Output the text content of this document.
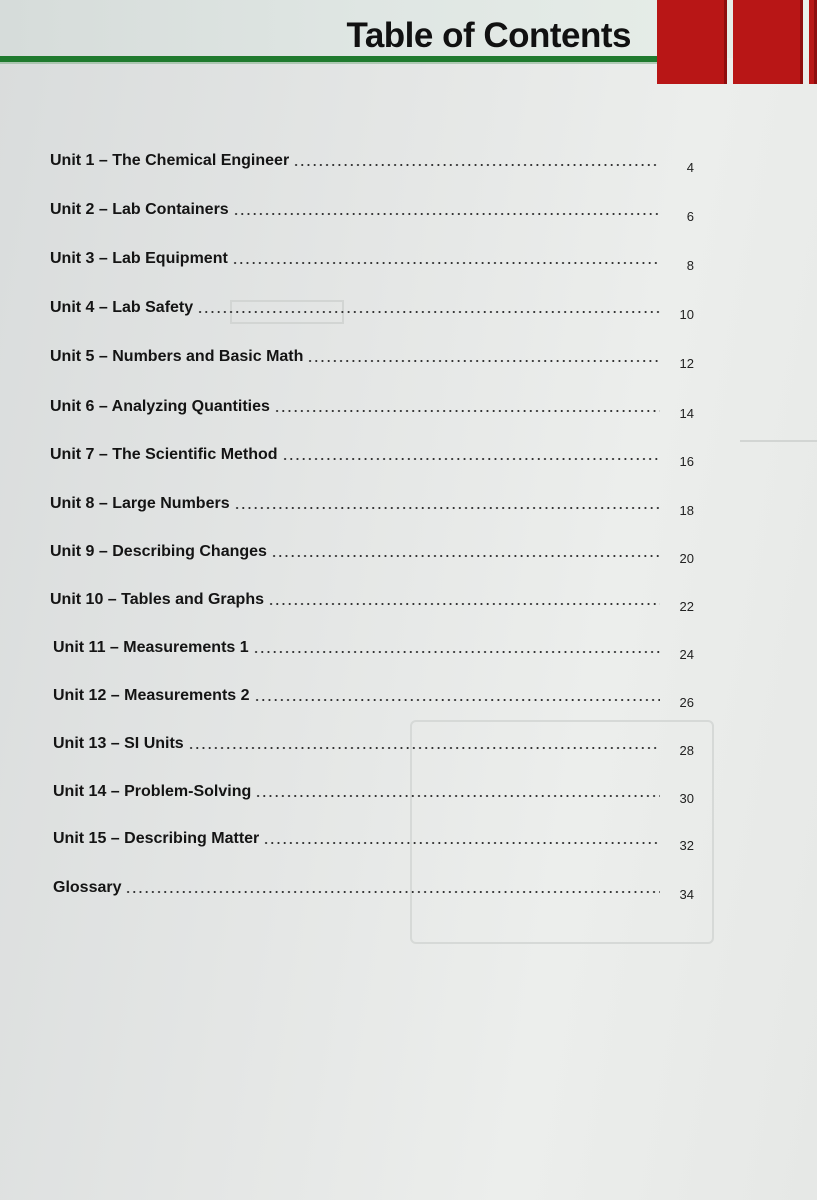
Table of Contents
Unit 1 – The Chemical Engineer	4
Unit 2 – Lab Containers	6
Unit 3 – Lab Equipment	8
Unit 4 – Lab Safety	10
Unit 5 – Numbers and Basic Math	12
Unit 6 – Analyzing Quantities	14
Unit 7 – The Scientific Method	16
Unit 8 – Large Numbers	18
Unit 9 – Describing Changes	20
Unit 10 – Tables and Graphs	22
Unit 11 – Measurements 1	24
Unit 12 – Measurements 2	26
Unit 13 – SI Units	28
Unit 14 – Problem-Solving	30
Unit 15 – Describing Matter	32
Glossary	34
